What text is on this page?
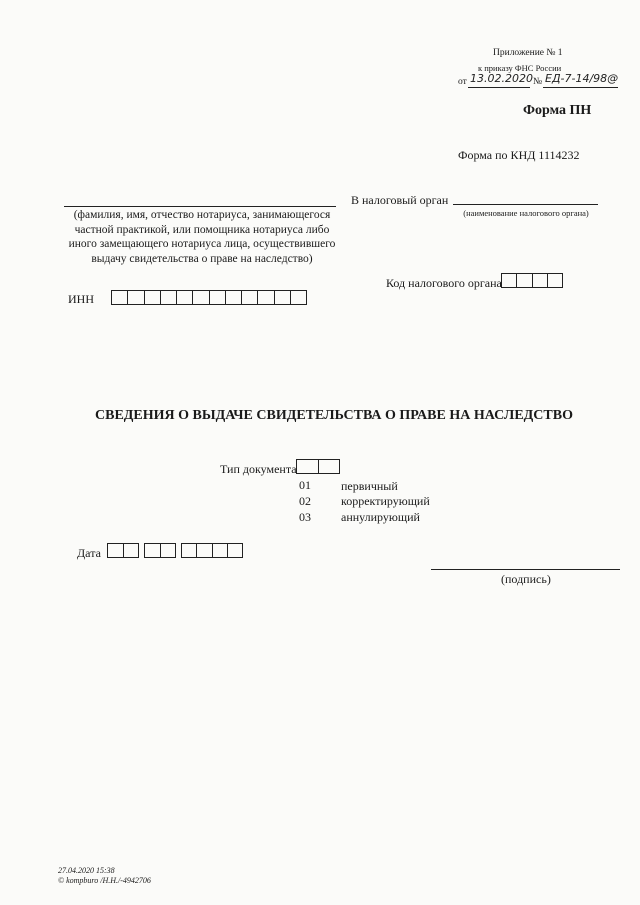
Приложение № 1
к приказу ФНС России
от 13.02.2020 № ЕД-7-14/98@
Форма ПН
Форма по КНД 1114232
(фамилия, имя, отчество нотариуса, занимающегося частной практикой, или помощника нотариуса либо иного замещающего нотариуса лица, осуществившего выдачу свидетельства о праве на наследство)
ИНН
В налоговый орган
(наименование налогового органа)
Код налогового органа
СВЕДЕНИЯ О ВЫДАЧЕ СВИДЕТЕЛЬСТВА О ПРАВЕ НА НАСЛЕДСТВО
Тип документа
01	первичный
02	корректирующий
03	аннулирующий
Дата
(подпись)
27.04.2020 15:38
© kompburo /Н.Н./-4942706
